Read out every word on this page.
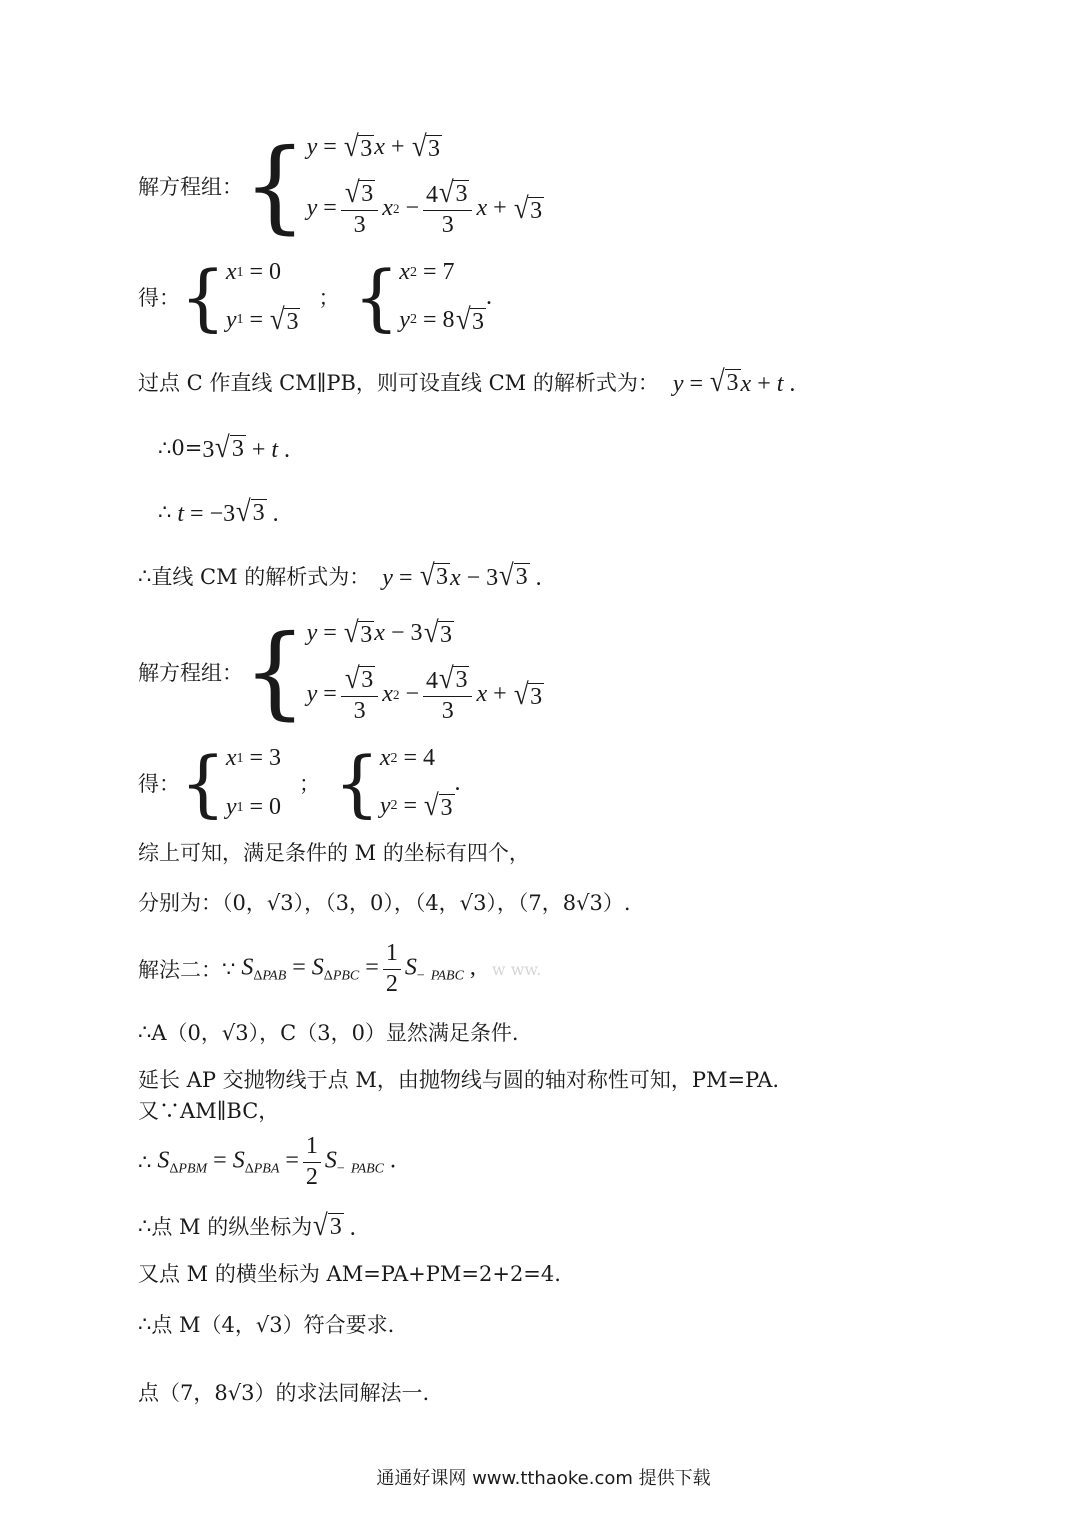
解方程组： { y = √ 3 x + √ 3
$y = \frac{√ 3}{3}$ x $2 - \frac{4 √ 3}{3}$ x + √ 3
得： { x 1 = 0
y 1 = √ 3
； { x 2 = 7
y 2 = 8 √ 3
.
过点 C 作直线 CM∥PB，则可设直线 CM 的解析式为： y = √ 3 x + t .
∴ 0= 3 √ 3 + t .
∴ t = −3 √ 3 .
∴ 直线 CM 的解析式为： y = √ 3 x − 3 √ 3 .
解方程组： { y = √ 3 x − 3 √ 3
$y = \frac{√ 3}{3}$ x $2 - \frac{4 √ 3}{3}$ x + √ 3
得： { x 1 = 3
y 1 = 0
； { x 2 = 4
y 2 = √ 3
.
综上可知，满足条件的 M 的坐标有四个，
分别为：（0，√3），（3，0），（4，√3），（7，8√3）.
解法二： ∵ $S_{\Delta PAB} = S_{\Delta PBC} = \frac{1}{2} S_-$ $_{PABC}$ , w ww.
∴ A（0，√3），C（3，0）显然满足条件.
延长 AP 交抛物线于点 M，由抛物线与圆的轴对称性可知，PM=PA.
又∵AM∥BC，
∴ $S_{\Delta PBM} = S_{\Delta PBA} = \frac{1}{2} S_-$ $_{PABC}$ .
∴ 点 M 的纵坐标为 √ 3 .
又点 M 的横坐标为 AM=PA+PM=2+2=4.
∴ 点 M（4，√3）符合要求.
点（7，8√3）的求法同解法一.
通通好课网 www.tthaoke.com 提供下载
